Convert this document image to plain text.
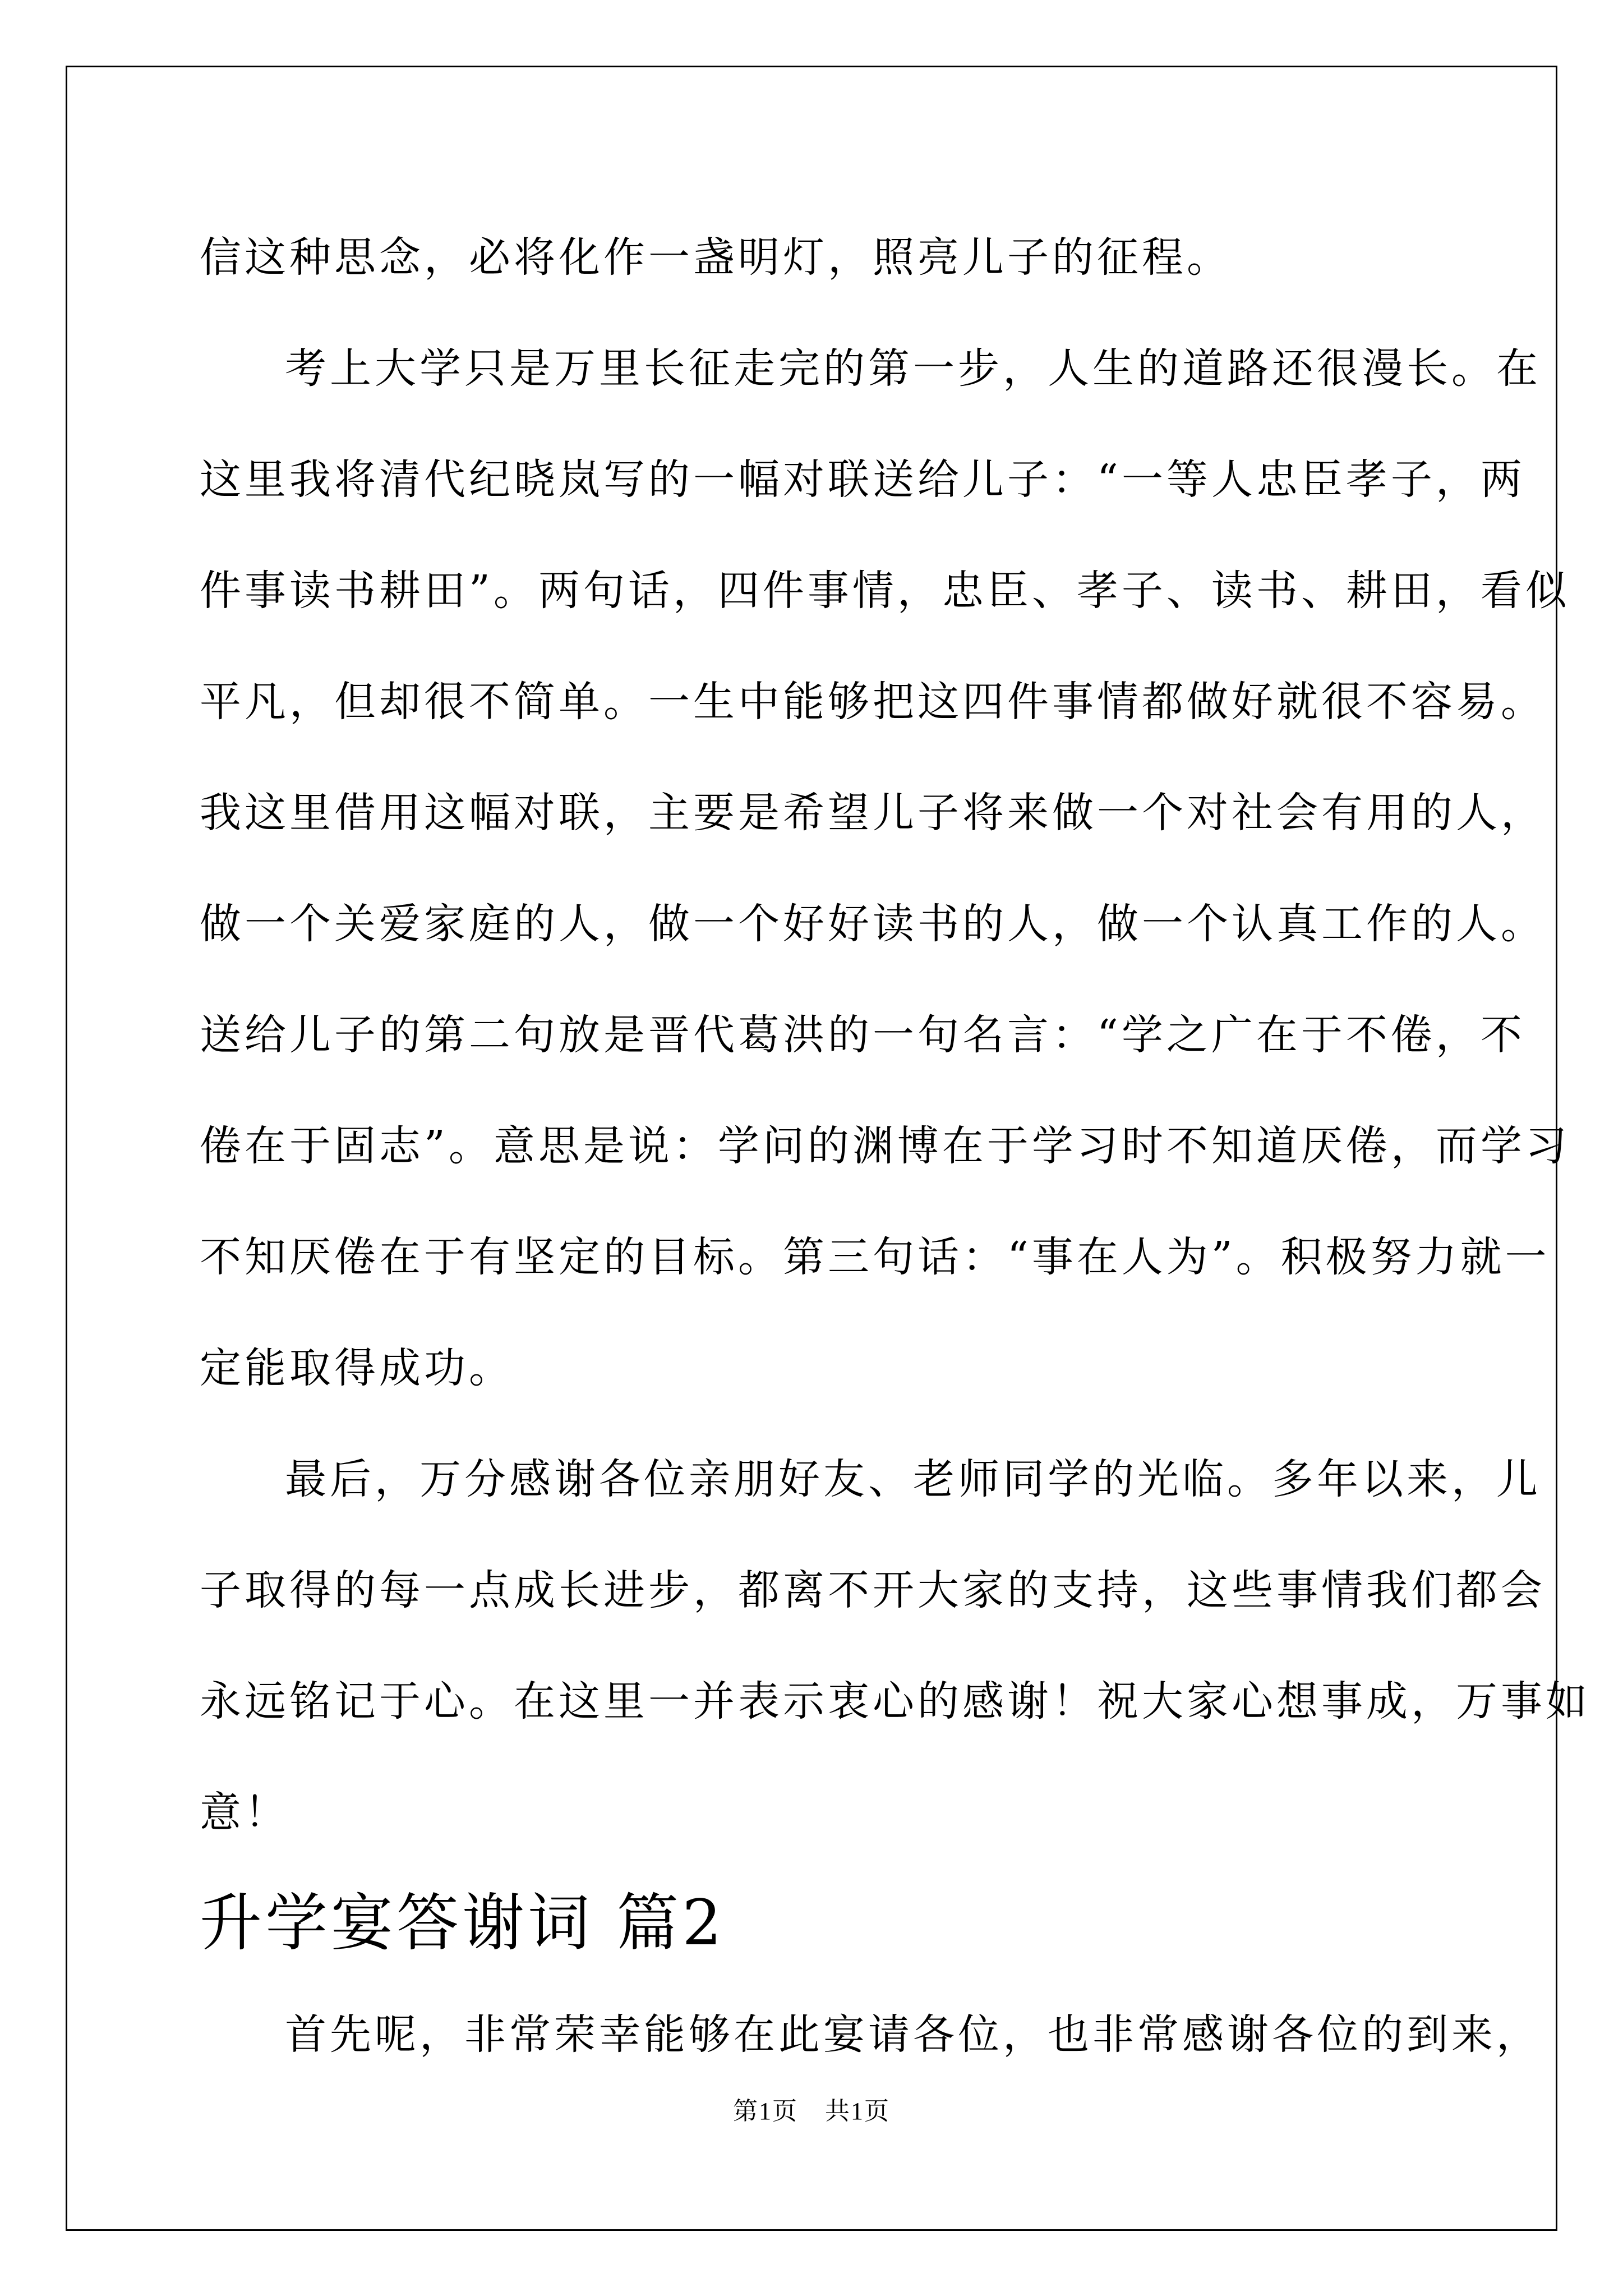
信这种思念，必将化作一盏明灯，照亮儿子的征程。

考上大学只是万里长征走完的第一步，人生的道路还很漫长。在
这里我将清代纪晓岚写的一幅对联送给儿子：“一等人忠臣孝子，两
件事读书耕田”。两句话，四件事情，忠臣、孝子、读书、耕田，看似
平凡，但却很不简单。一生中能够把这四件事情都做好就很不容易。
我这里借用这幅对联，主要是希望儿子将来做一个对社会有用的人，
做一个关爱家庭的人，做一个好好读书的人，做一个认真工作的人。
送给儿子的第二句放是晋代葛洪的一句名言：“学之广在于不倦，不
倦在于固志”。意思是说：学问的渊博在于学习时不知道厌倦，而学习
不知厌倦在于有坚定的目标。第三句话：“事在人为”。积极努力就一
定能取得成功。

最后，万分感谢各位亲朋好友、老师同学的光临。多年以来，儿
子取得的每一点成长进步，都离不开大家的支持，这些事情我们都会
永远铭记于心。在这里一并表示衷心的感谢！祝大家心想事成，万事如
意！

升学宴答谢词 篇2

首先呢，非常荣幸能够在此宴请各位，也非常感谢各位的到来，

第1页 共1页
